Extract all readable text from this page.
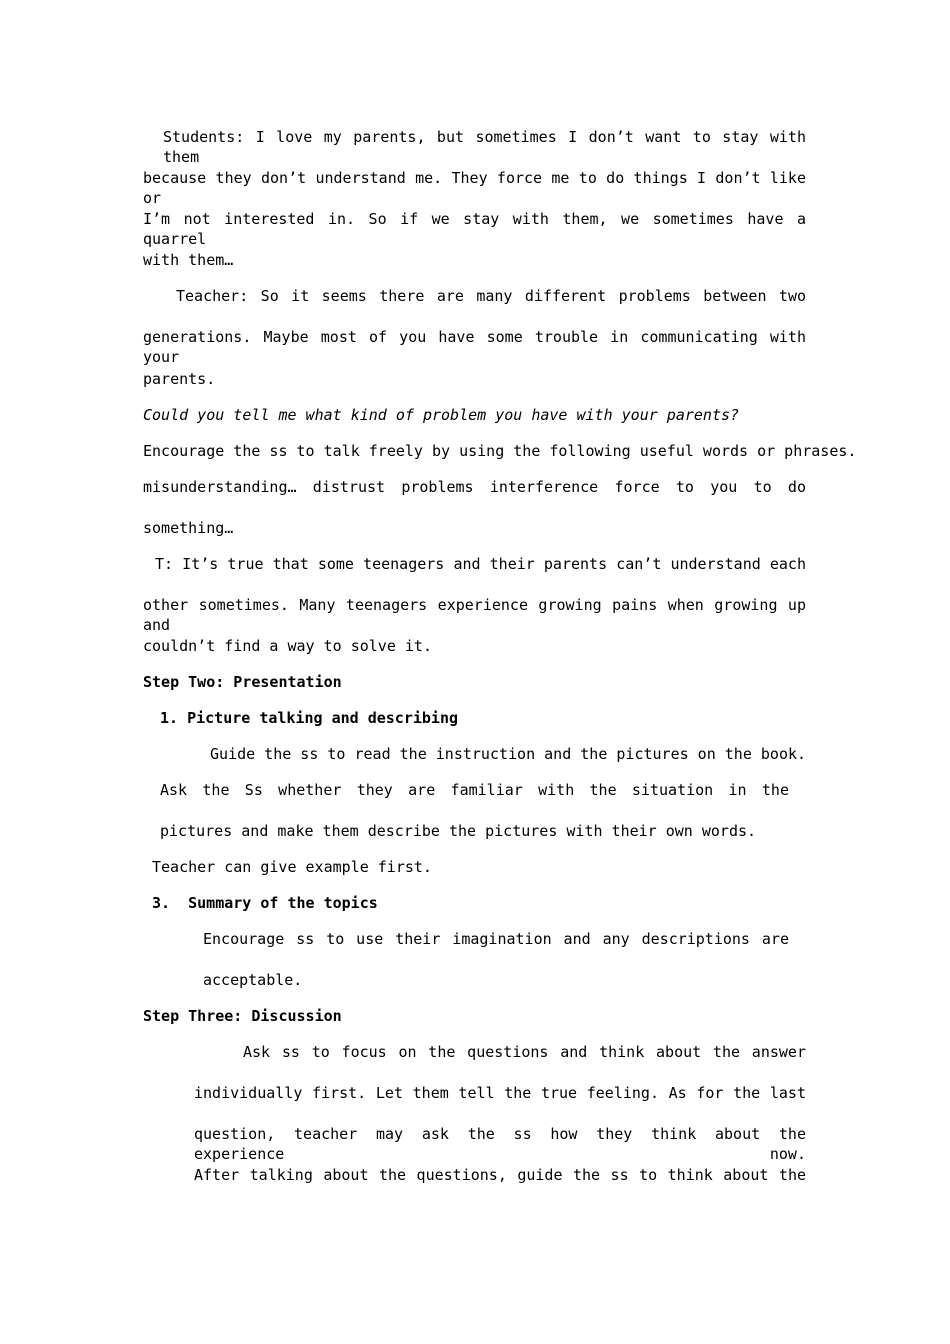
Students: I love my parents, but sometimes I don’t want to stay with them
because they don’t understand me. They force me to do things I don’t like or
I’m not interested in. So if we stay with them, we sometimes have a quarrel
with them…
Teacher: So it seems there are many different problems between two
generations. Maybe most of you have some trouble in communicating with your
parents.
Could you tell me what kind of problem you have with your parents?
Encourage the ss to talk freely by using the following useful words or phrases.
misunderstanding… distrust problems interference force to you to do
something…
T: It’s true that some teenagers and their parents can’t understand each
other sometimes. Many teenagers experience growing pains when growing up and
couldn’t find a way to solve it.
Step Two: Presentation
1. Picture talking and describing
Guide the ss to read the instruction and the pictures on the book.
Ask the Ss whether they are familiar with the situation in the
pictures and make them describe the pictures with their own words.
Teacher can give example first.
3.  Summary of the topics
Encourage ss to use their imagination and any descriptions are
acceptable.
Step Three: Discussion
Ask ss to focus on the questions and think about the answer
individually first. Let them tell the true feeling. As for the last
question, teacher may ask the ss how they think about the experience now.
After talking about the questions, guide the ss to think about the
